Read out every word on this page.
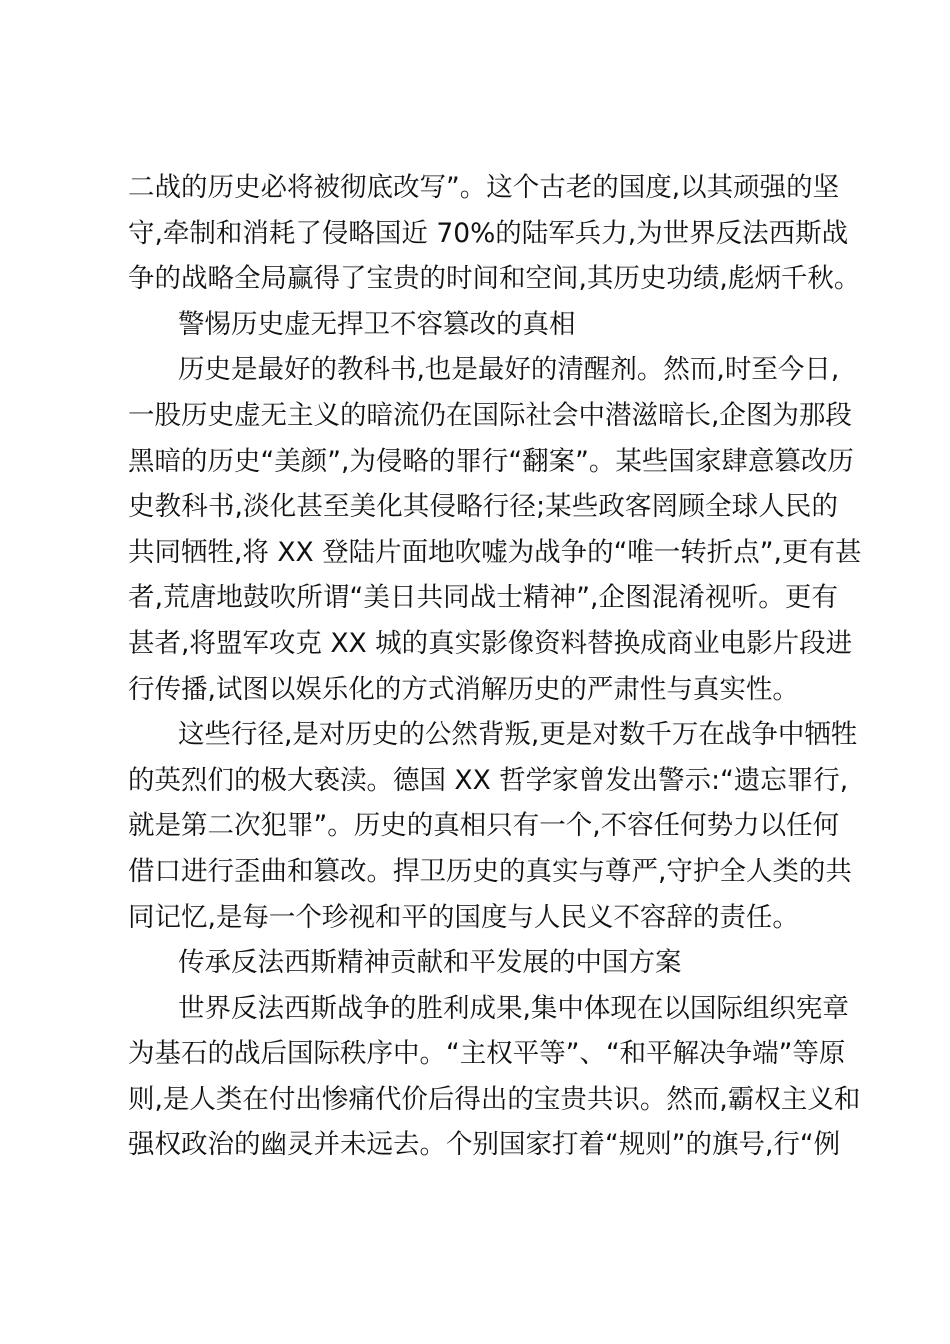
二战的历史必将被彻底改写”。这个古老的国度,以其顽强的坚
守,牵制和消耗了侵略国近 70%的陆军兵力,为世界反法西斯战
争的战略全局赢得了宝贵的时间和空间,其历史功绩,彪炳千秋。
警惕历史虚无捍卫不容篡改的真相
历史是最好的教科书,也是最好的清醒剂。然而,时至今日,
一股历史虚无主义的暗流仍在国际社会中潜滋暗长,企图为那段
黑暗的历史“美颜”,为侵略的罪行“翻案”。某些国家肆意篡改历
史教科书,淡化甚至美化其侵略行径;某些政客罔顾全球人民的
共同牺牲,将 XX 登陆片面地吹嘘为战争的“唯一转折点”,更有甚
者,荒唐地鼓吹所谓“美日共同战士精神”,企图混淆视听。更有
甚者,将盟军攻克 XX 城的真实影像资料替换成商业电影片段进
行传播,试图以娱乐化的方式消解历史的严肃性与真实性。
这些行径,是对历史的公然背叛,更是对数千万在战争中牺牲
的英烈们的极大亵渎。德国 XX 哲学家曾发出警示:“遗忘罪行,
就是第二次犯罪”。历史的真相只有一个,不容任何势力以任何
借口进行歪曲和篡改。捍卫历史的真实与尊严,守护全人类的共
同记忆,是每一个珍视和平的国度与人民义不容辞的责任。
传承反法西斯精神贡献和平发展的中国方案
世界反法西斯战争的胜利成果,集中体现在以国际组织宪章
为基石的战后国际秩序中。“主权平等”、“和平解决争端”等原
则,是人类在付出惨痛代价后得出的宝贵共识。然而,霸权主义和
强权政治的幽灵并未远去。个别国家打着“规则”的旗号,行“例
